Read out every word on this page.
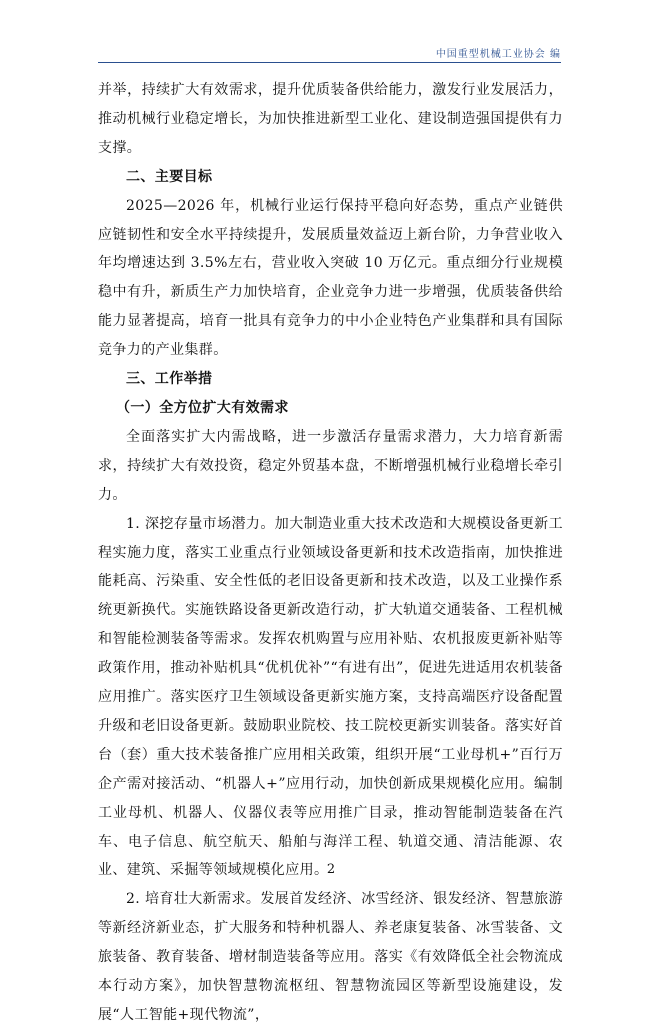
中国重型机械工业协会 编

并举，持续扩大有效需求，提升优质装备供给能力，激发行业发展活力，推动机械行业稳定增长，为加快推进新型工业化、建设制造强国提供有力支撑。

二、主要目标

2025—2026 年，机械行业运行保持平稳向好态势，重点产业链供应链韧性和安全水平持续提升，发展质量效益迈上新台阶，力争营业收入年均增速达到 3.5%左右，营业收入突破 10 万亿元。重点细分行业规模稳中有升，新质生产力加快培育，企业竞争力进一步增强，优质装备供给能力显著提高，培育一批具有竞争力的中小企业特色产业集群和具有国际竞争力的产业集群。

三、工作举措

（一）全方位扩大有效需求

全面落实扩大内需战略，进一步激活存量需求潜力，大力培育新需求，持续扩大有效投资，稳定外贸基本盘，不断增强机械行业稳增长牵引力。

1. 深挖存量市场潜力。加大制造业重大技术改造和大规模设备更新工程实施力度，落实工业重点行业领域设备更新和技术改造指南，加快推进能耗高、污染重、安全性低的老旧设备更新和技术改造，以及工业操作系统更新换代。实施铁路设备更新改造行动，扩大轨道交通装备、工程机械和智能检测装备等需求。发挥农机购置与应用补贴、农机报废更新补贴等政策作用，推动补贴机具“优机优补”“有进有出”，促进先进适用农机装备应用推广。落实医疗卫生领域设备更新实施方案，支持高端医疗设备配置升级和老旧设备更新。鼓励职业院校、技工院校更新实训装备。落实好首台（套）重大技术装备推广应用相关政策，组织开展“工业母机+”百行万企产需对接活动、“机器人+”应用行动，加快创新成果规模化应用。编制工业母机、机器人、仪器仪表等应用推广目录，推动智能制造装备在汽车、电子信息、航空航天、船舶与海洋工程、轨道交通、清洁能源、农业、建筑、采掘等领域规模化应用。

2. 培育壮大新需求。发展首发经济、冰雪经济、银发经济、智慧旅游等新经济新业态，扩大服务和特种机器人、养老康复装备、冰雪装备、文旅装备、教育装备、增材制造装备等应用。落实《有效降低全社会物流成本行动方案》，加快智慧物流枢纽、智慧物流园区等新型设施建设，发展“人工智能+现代物流”，

2
